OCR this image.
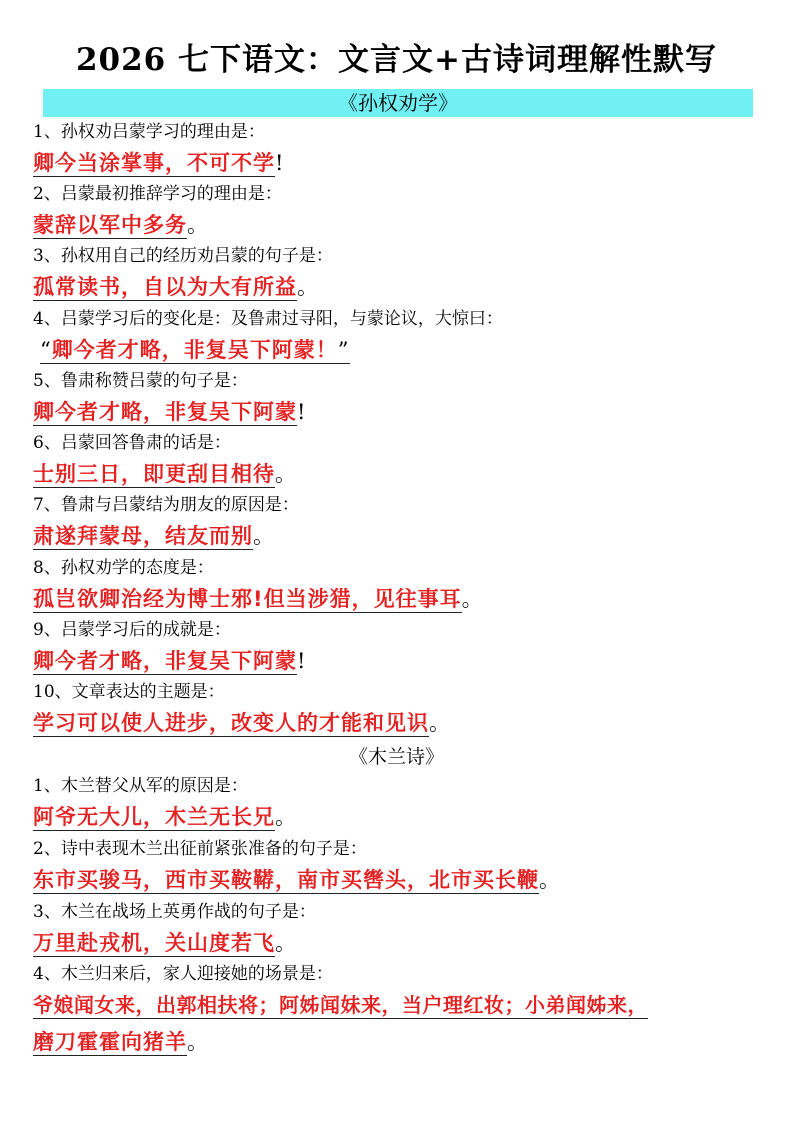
2026 七下语文：文言文+古诗词理解性默写
《孙权劝学》
1、孙权劝吕蒙学习的理由是：
卿今当涂掌事，不可不学!
2、吕蒙最初推辞学习的理由是：
蒙辞以军中多务。
3、孙权用自己的经历劝吕蒙的句子是：
孤常读书，自以为大有所益。
4、吕蒙学习后的变化是：及鲁肃过寻阳，与蒙论议，大惊曰：
“卿今者才略，非复吴下阿蒙！”
5、鲁肃称赞吕蒙的句子是：
卿今者才略，非复吴下阿蒙!
6、吕蒙回答鲁肃的话是：
士别三日，即更刮目相待。
7、鲁肃与吕蒙结为朋友的原因是：
肃遂拜蒙母，结友而别。
8、孙权劝学的态度是：
孤岂欲卿治经为博士邪!但当涉猎，见往事耳。
9、吕蒙学习后的成就是：
卿今者才略，非复吴下阿蒙!
10、文章表达的主题是：
学习可以使人进步，改变人的才能和见识。
《木兰诗》
1、木兰替父从军的原因是：
阿爷无大儿，木兰无长兄。
2、诗中表现木兰出征前紧张准备的句子是：
东市买骏马，西市买鞍鞯，南市买辔头，北市买长鞭。
3、木兰在战场上英勇作战的句子是：
万里赴戎机，关山度若飞。
4、木兰归来后，家人迎接她的场景是：
爷娘闻女来，出郭相扶将；阿姊闻妹来，当户理红妆；小弟闻姊来，
磨刀霍霍向猪羊。
